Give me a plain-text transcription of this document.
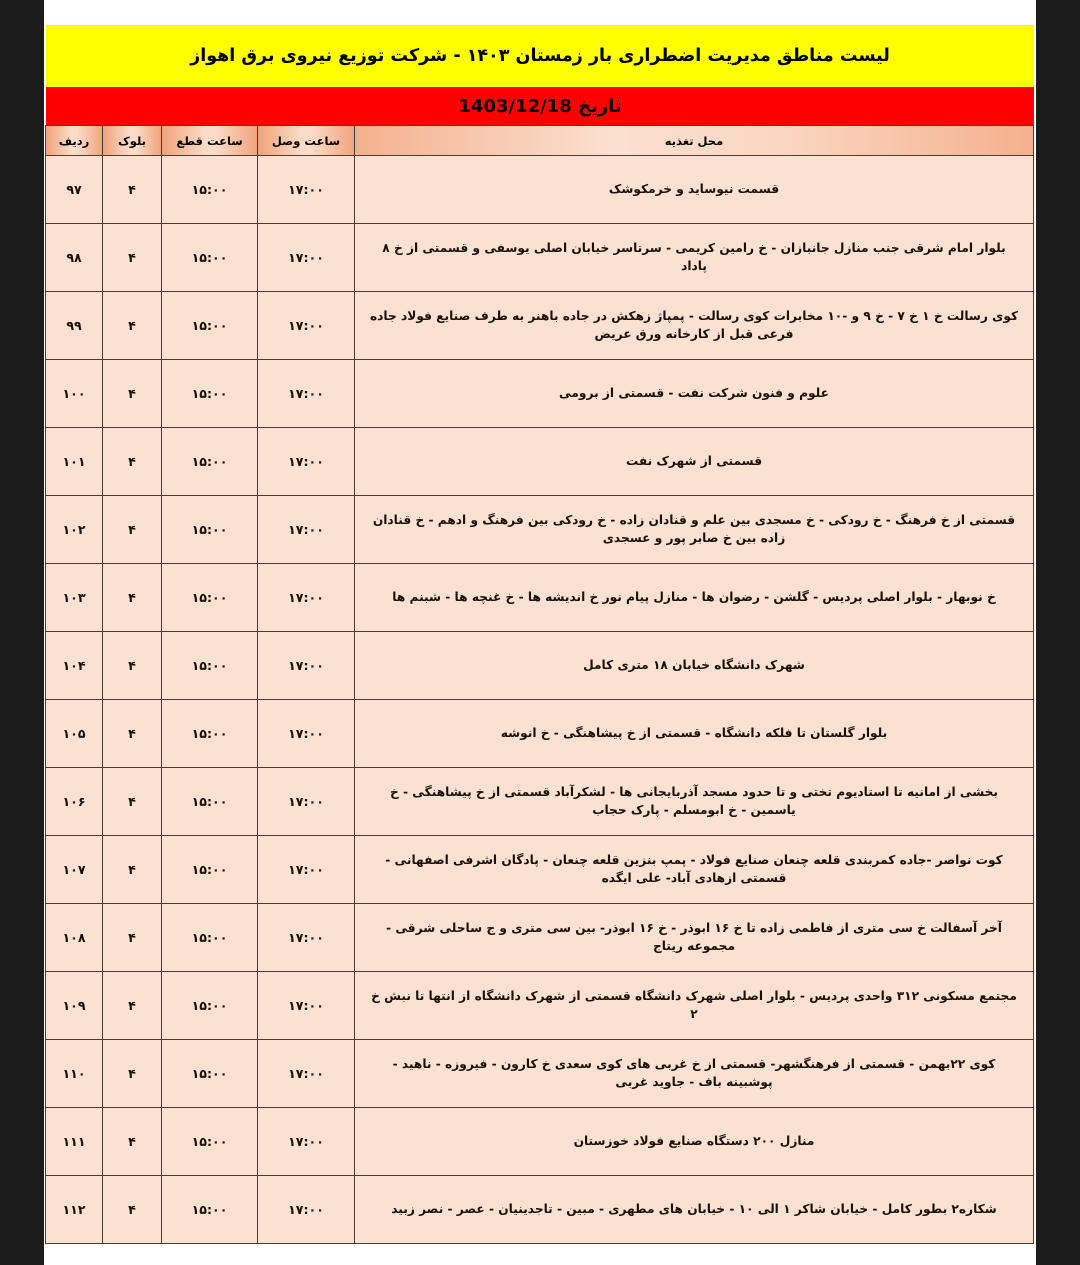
لیست مناطق مدیریت اضطراری بار زمستان ۱۴۰۳ - شرکت توزیع نیروی برق اهواز
تاریخ 1403/12/18
محل تغذیه	ساعت وصل	ساعت قطع	بلوک	ردیف
قسمت نیوساید و خرمکوشک	۱۷:۰۰	۱۵:۰۰	۴	۹۷
بلوار امام شرقی جنب منازل جانبازان - خ رامین کریمی - سرتاسر خیابان اصلی یوسفی و قسمتی از خ ۸ پاداد	۱۷:۰۰	۱۵:۰۰	۴	۹۸
کوی رسالت خ ۱ خ ۷ - خ ۹ و -۱۰ مخابرات کوی رسالت - پمپاژ زهکش در جاده باهنر به طرف صنایع فولاد جاده فرعی قبل از کارخانه ورق عریض	۱۷:۰۰	۱۵:۰۰	۴	۹۹
علوم و فنون شرکت نفت - قسمتی از برومی	۱۷:۰۰	۱۵:۰۰	۴	۱۰۰
قسمتی از شهرک نفت	۱۷:۰۰	۱۵:۰۰	۴	۱۰۱
قسمتی از خ فرهنگ - خ رودکی - خ مسجدی بین علم و قنادان زاده - خ رودکی بین فرهنگ و ادهم - خ قنادان زاده بین خ صابر پور و عسجدی	۱۷:۰۰	۱۵:۰۰	۴	۱۰۲
خ نوبهار - بلوار اصلی پردیس - گلشن - رضوان ها - منازل پیام نور خ اندیشه ها - خ غنچه ها - شبنم ها	۱۷:۰۰	۱۵:۰۰	۴	۱۰۳
شهرک دانشگاه خیابان ۱۸ متری کامل	۱۷:۰۰	۱۵:۰۰	۴	۱۰۴
بلوار گلستان تا فلکه دانشگاه - قسمتی از خ پیشاهنگی - خ انوشه	۱۷:۰۰	۱۵:۰۰	۴	۱۰۵
بخشی از امانیه تا استادیوم تختی و تا حدود مسجد آذربایجانی ها - لشکرآباد قسمتی از خ پیشاهنگی - خ یاسمین - خ ابومسلم - پارک حجاب	۱۷:۰۰	۱۵:۰۰	۴	۱۰۶
کوت نواصر -جاده کمربندی قلعه چنعان صنایع فولاد - پمپ بنزین قلعه چنعان - پادگان اشرفی اصفهانی - قسمتی ازهادی آباد- علی ایگده	۱۷:۰۰	۱۵:۰۰	۴	۱۰۷
آخر آسفالت خ سی متری از فاطمی زاده تا خ ۱۶ ابوذر - خ ۱۶ ابوذر- بین سی متری و ج ساحلی شرقی - مجموعه ریتاج	۱۷:۰۰	۱۵:۰۰	۴	۱۰۸
مجتمع مسکونی ۳۱۲ واحدی پردیس - بلوار اصلی شهرک دانشگاه قسمتی از شهرک دانشگاه از انتها تا نبش خ ۲	۱۷:۰۰	۱۵:۰۰	۴	۱۰۹
کوی ۲۲بهمن - قسمتی از فرهنگشهر- قسمتی از خ غربی های کوی سعدی خ کارون - فیروزه - ناهید - پوشبینه باف - جاوید غربی	۱۷:۰۰	۱۵:۰۰	۴	۱۱۰
منازل ۲۰۰ دستگاه صنایع فولاد خوزستان	۱۷:۰۰	۱۵:۰۰	۴	۱۱۱
شکاره۲ بطور کامل - خیابان شاکر ۱ الی ۱۰ - خیابان های مطهری - مبین - تاجدینیان - عصر - نصر زبید	۱۷:۰۰	۱۵:۰۰	۴	۱۱۲
